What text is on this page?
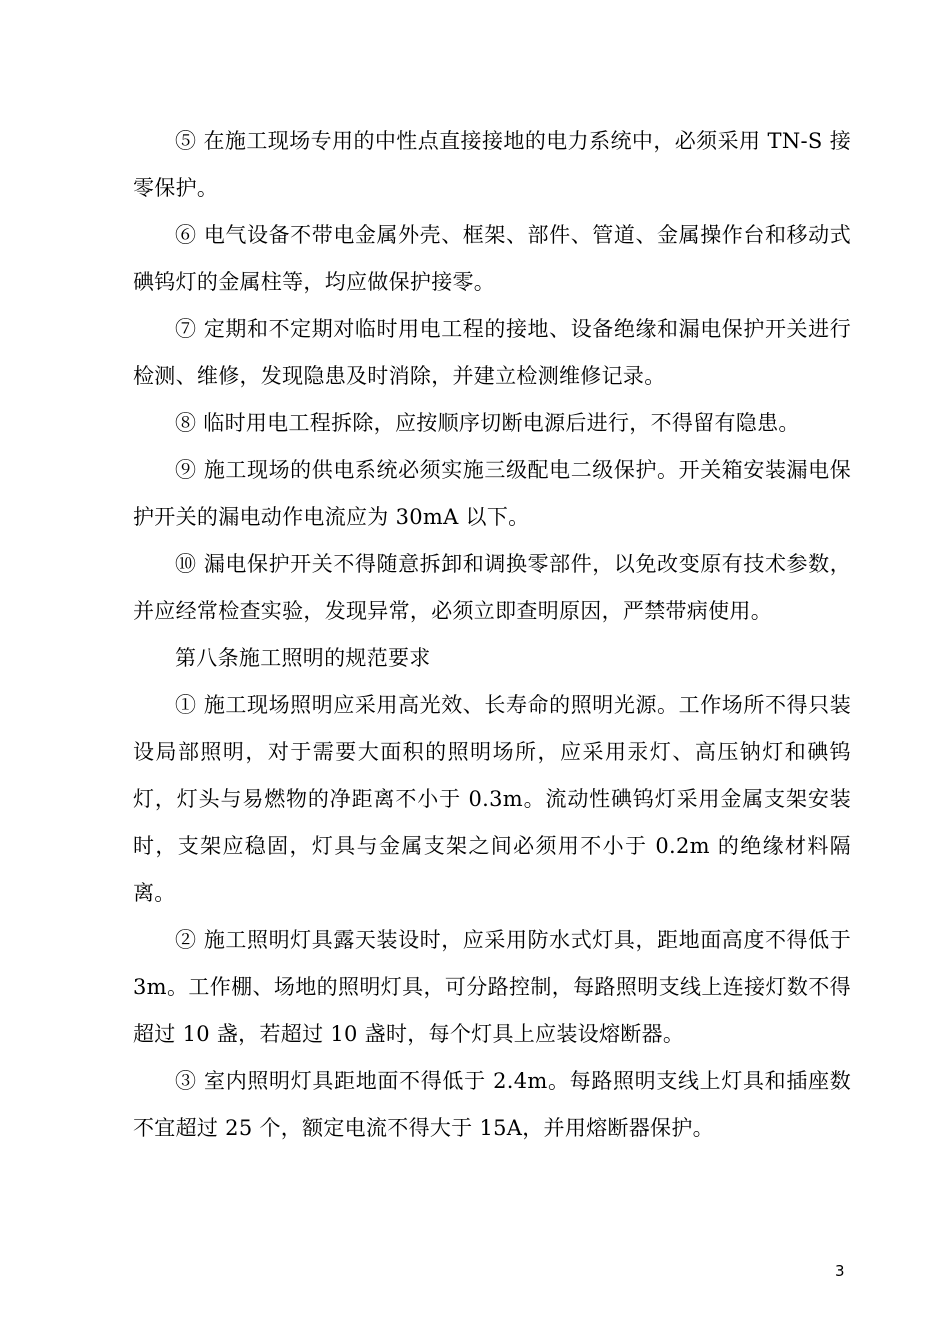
⑤ 在施工现场专用的中性点直接接地的电力系统中，必须采用 TN-S 接零保护。

⑥ 电气设备不带电金属外壳、框架、部件、管道、金属操作台和移动式碘钨灯的金属柱等，均应做保护接零。

⑦ 定期和不定期对临时用电工程的接地、设备绝缘和漏电保护开关进行检测、维修，发现隐患及时消除，并建立检测维修记录。

⑧ 临时用电工程拆除，应按顺序切断电源后进行，不得留有隐患。

⑨ 施工现场的供电系统必须实施三级配电二级保护。开关箱安装漏电保护开关的漏电动作电流应为 30mA 以下。

⑩ 漏电保护开关不得随意拆卸和调换零部件，以免改变原有技术参数，并应经常检查实验，发现异常，必须立即查明原因，严禁带病使用。

第八条施工照明的规范要求

① 施工现场照明应采用高光效、长寿命的照明光源。工作场所不得只装设局部照明，对于需要大面积的照明场所，应采用汞灯、高压钠灯和碘钨灯，灯头与易燃物的净距离不小于 0.3m。流动性碘钨灯采用金属支架安装时，支架应稳固，灯具与金属支架之间必须用不小于 0.2m 的绝缘材料隔离。

② 施工照明灯具露天装设时，应采用防水式灯具，距地面高度不得低于 3m。工作棚、场地的照明灯具，可分路控制，每路照明支线上连接灯数不得超过 10 盏，若超过 10 盏时，每个灯具上应装设熔断器。

③ 室内照明灯具距地面不得低于 2.4m。每路照明支线上灯具和插座数不宜超过 25 个，额定电流不得大于 15A，并用熔断器保护。

3
